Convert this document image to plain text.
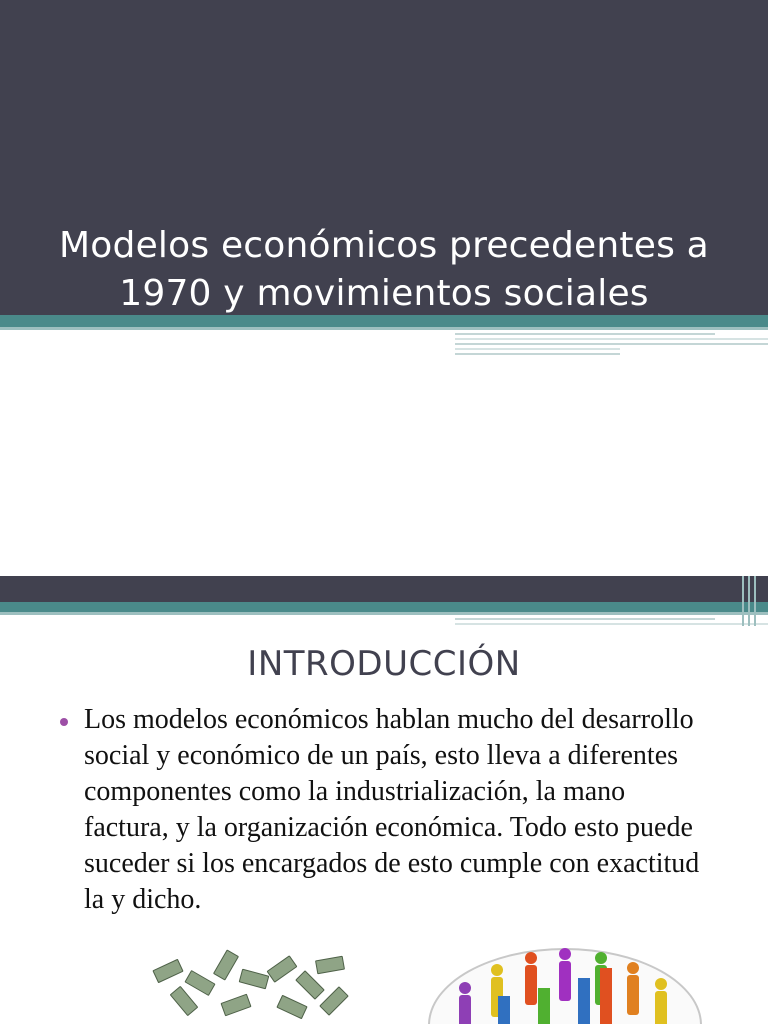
Modelos económicos precedentes a
1970 y movimientos sociales
INTRODUCCIÓN
Los modelos económicos hablan mucho del desarrollo social y económico de un país, esto lleva a diferentes componentes como la industrialización, la mano factura, y la organización económica. Todo esto puede suceder si los encargados de esto cumple con exactitud la y dicho.
